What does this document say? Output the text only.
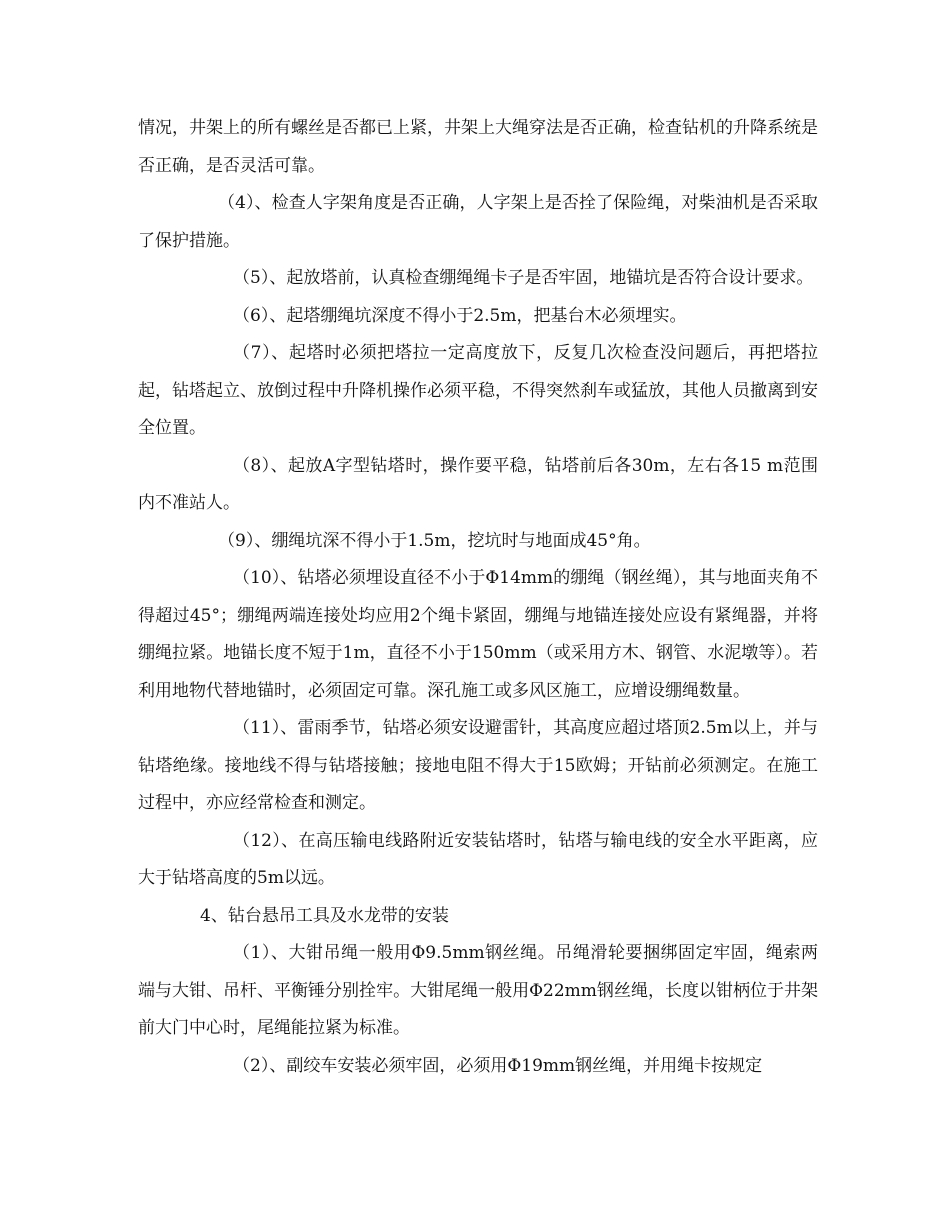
情况，井架上的所有螺丝是否都已上紧，井架上大绳穿法是否正确，检查钻机的升降系统是否正确，是否灵活可靠。

（4）、检查人字架角度是否正确，人字架上是否拴了保险绳，对柴油机是否采取了保护措施。

（5）、起放塔前，认真检查绷绳绳卡子是否牢固，地锚坑是否符合设计要求。

（6）、起塔绷绳坑深度不得小于2.5m，把基台木必须埋实。

（7）、起塔时必须把塔拉一定高度放下，反复几次检查没问题后，再把塔拉起，钻塔起立、放倒过程中升降机操作必须平稳，不得突然刹车或猛放，其他人员撤离到安全位置。

（8）、起放A字型钻塔时，操作要平稳，钻塔前后各30m，左右各15 m范围内不准站人。

（9）、绷绳坑深不得小于1.5m，挖坑时与地面成45°角。

（10）、钻塔必须埋设直径不小于Φ14mm的绷绳（钢丝绳），其与地面夹角不得超过45°；绷绳两端连接处均应用2个绳卡紧固，绷绳与地锚连接处应设有紧绳器，并将绷绳拉紧。地锚长度不短于1m，直径不小于150mm（或采用方木、钢管、水泥墩等）。若利用地物代替地锚时，必须固定可靠。深孔施工或多风区施工，应增设绷绳数量。

（11）、雷雨季节，钻塔必须安设避雷针，其高度应超过塔顶2.5m以上，并与钻塔绝缘。接地线不得与钻塔接触；接地电阻不得大于15欧姆；开钻前必须测定。在施工过程中，亦应经常检查和测定。

（12）、在高压输电线路附近安装钻塔时，钻塔与输电线的安全水平距离，应大于钻塔高度的5m以远。

4、钻台悬吊工具及水龙带的安装

（1）、大钳吊绳一般用Φ9.5mm钢丝绳。吊绳滑轮要捆绑固定牢固，绳索两端与大钳、吊杆、平衡锤分别拴牢。大钳尾绳一般用Φ22mm钢丝绳，长度以钳柄位于井架前大门中心时，尾绳能拉紧为标准。

（2）、副绞车安装必须牢固，必须用Φ19mm钢丝绳，并用绳卡按规定
